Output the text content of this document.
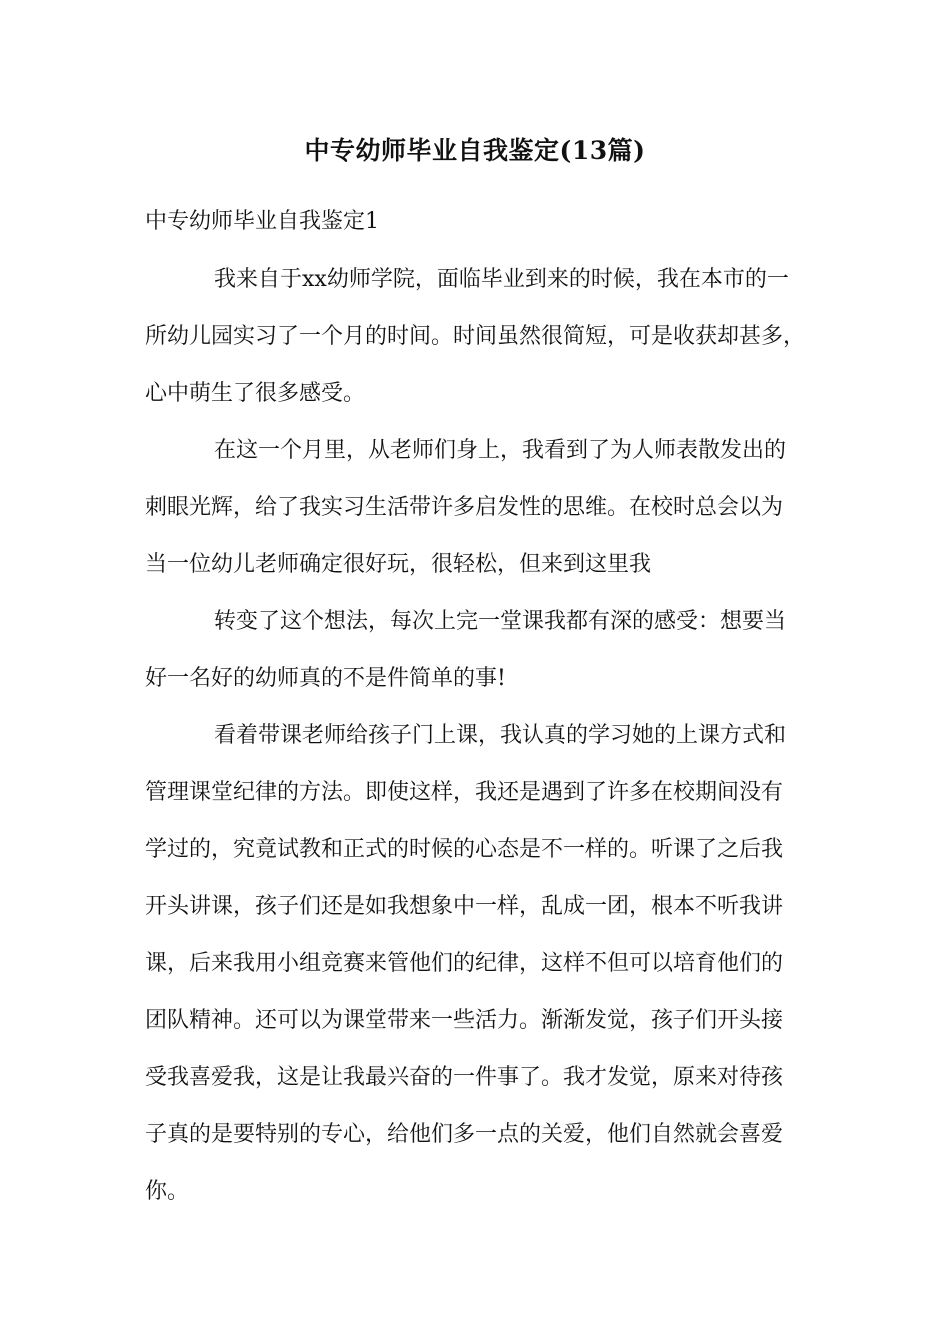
中专幼师毕业自我鉴定(13篇)
中专幼师毕业自我鉴定1
我来自于xx幼师学院，面临毕业到来的时候，我在本市的一
所幼儿园实习了一个月的时间。时间虽然很简短，可是收获却甚多，
心中萌生了很多感受。
在这一个月里，从老师们身上，我看到了为人师表散发出的
刺眼光辉，给了我实习生活带许多启发性的思维。在校时总会以为
当一位幼儿老师确定很好玩，很轻松，但来到这里我
转变了这个想法，每次上完一堂课我都有深的感受：想要当
好一名好的幼师真的不是件简单的事!
看着带课老师给孩子门上课，我认真的学习她的上课方式和
管理课堂纪律的方法。即使这样，我还是遇到了许多在校期间没有
学过的，究竟试教和正式的时候的心态是不一样的。听课了之后我
开头讲课，孩子们还是如我想象中一样，乱成一团，根本不听我讲
课，后来我用小组竞赛来管他们的纪律，这样不但可以培育他们的
团队精神。还可以为课堂带来一些活力。渐渐发觉，孩子们开头接
受我喜爱我，这是让我最兴奋的一件事了。我才发觉，原来对待孩
子真的是要特别的专心，给他们多一点的关爱，他们自然就会喜爱
你。
